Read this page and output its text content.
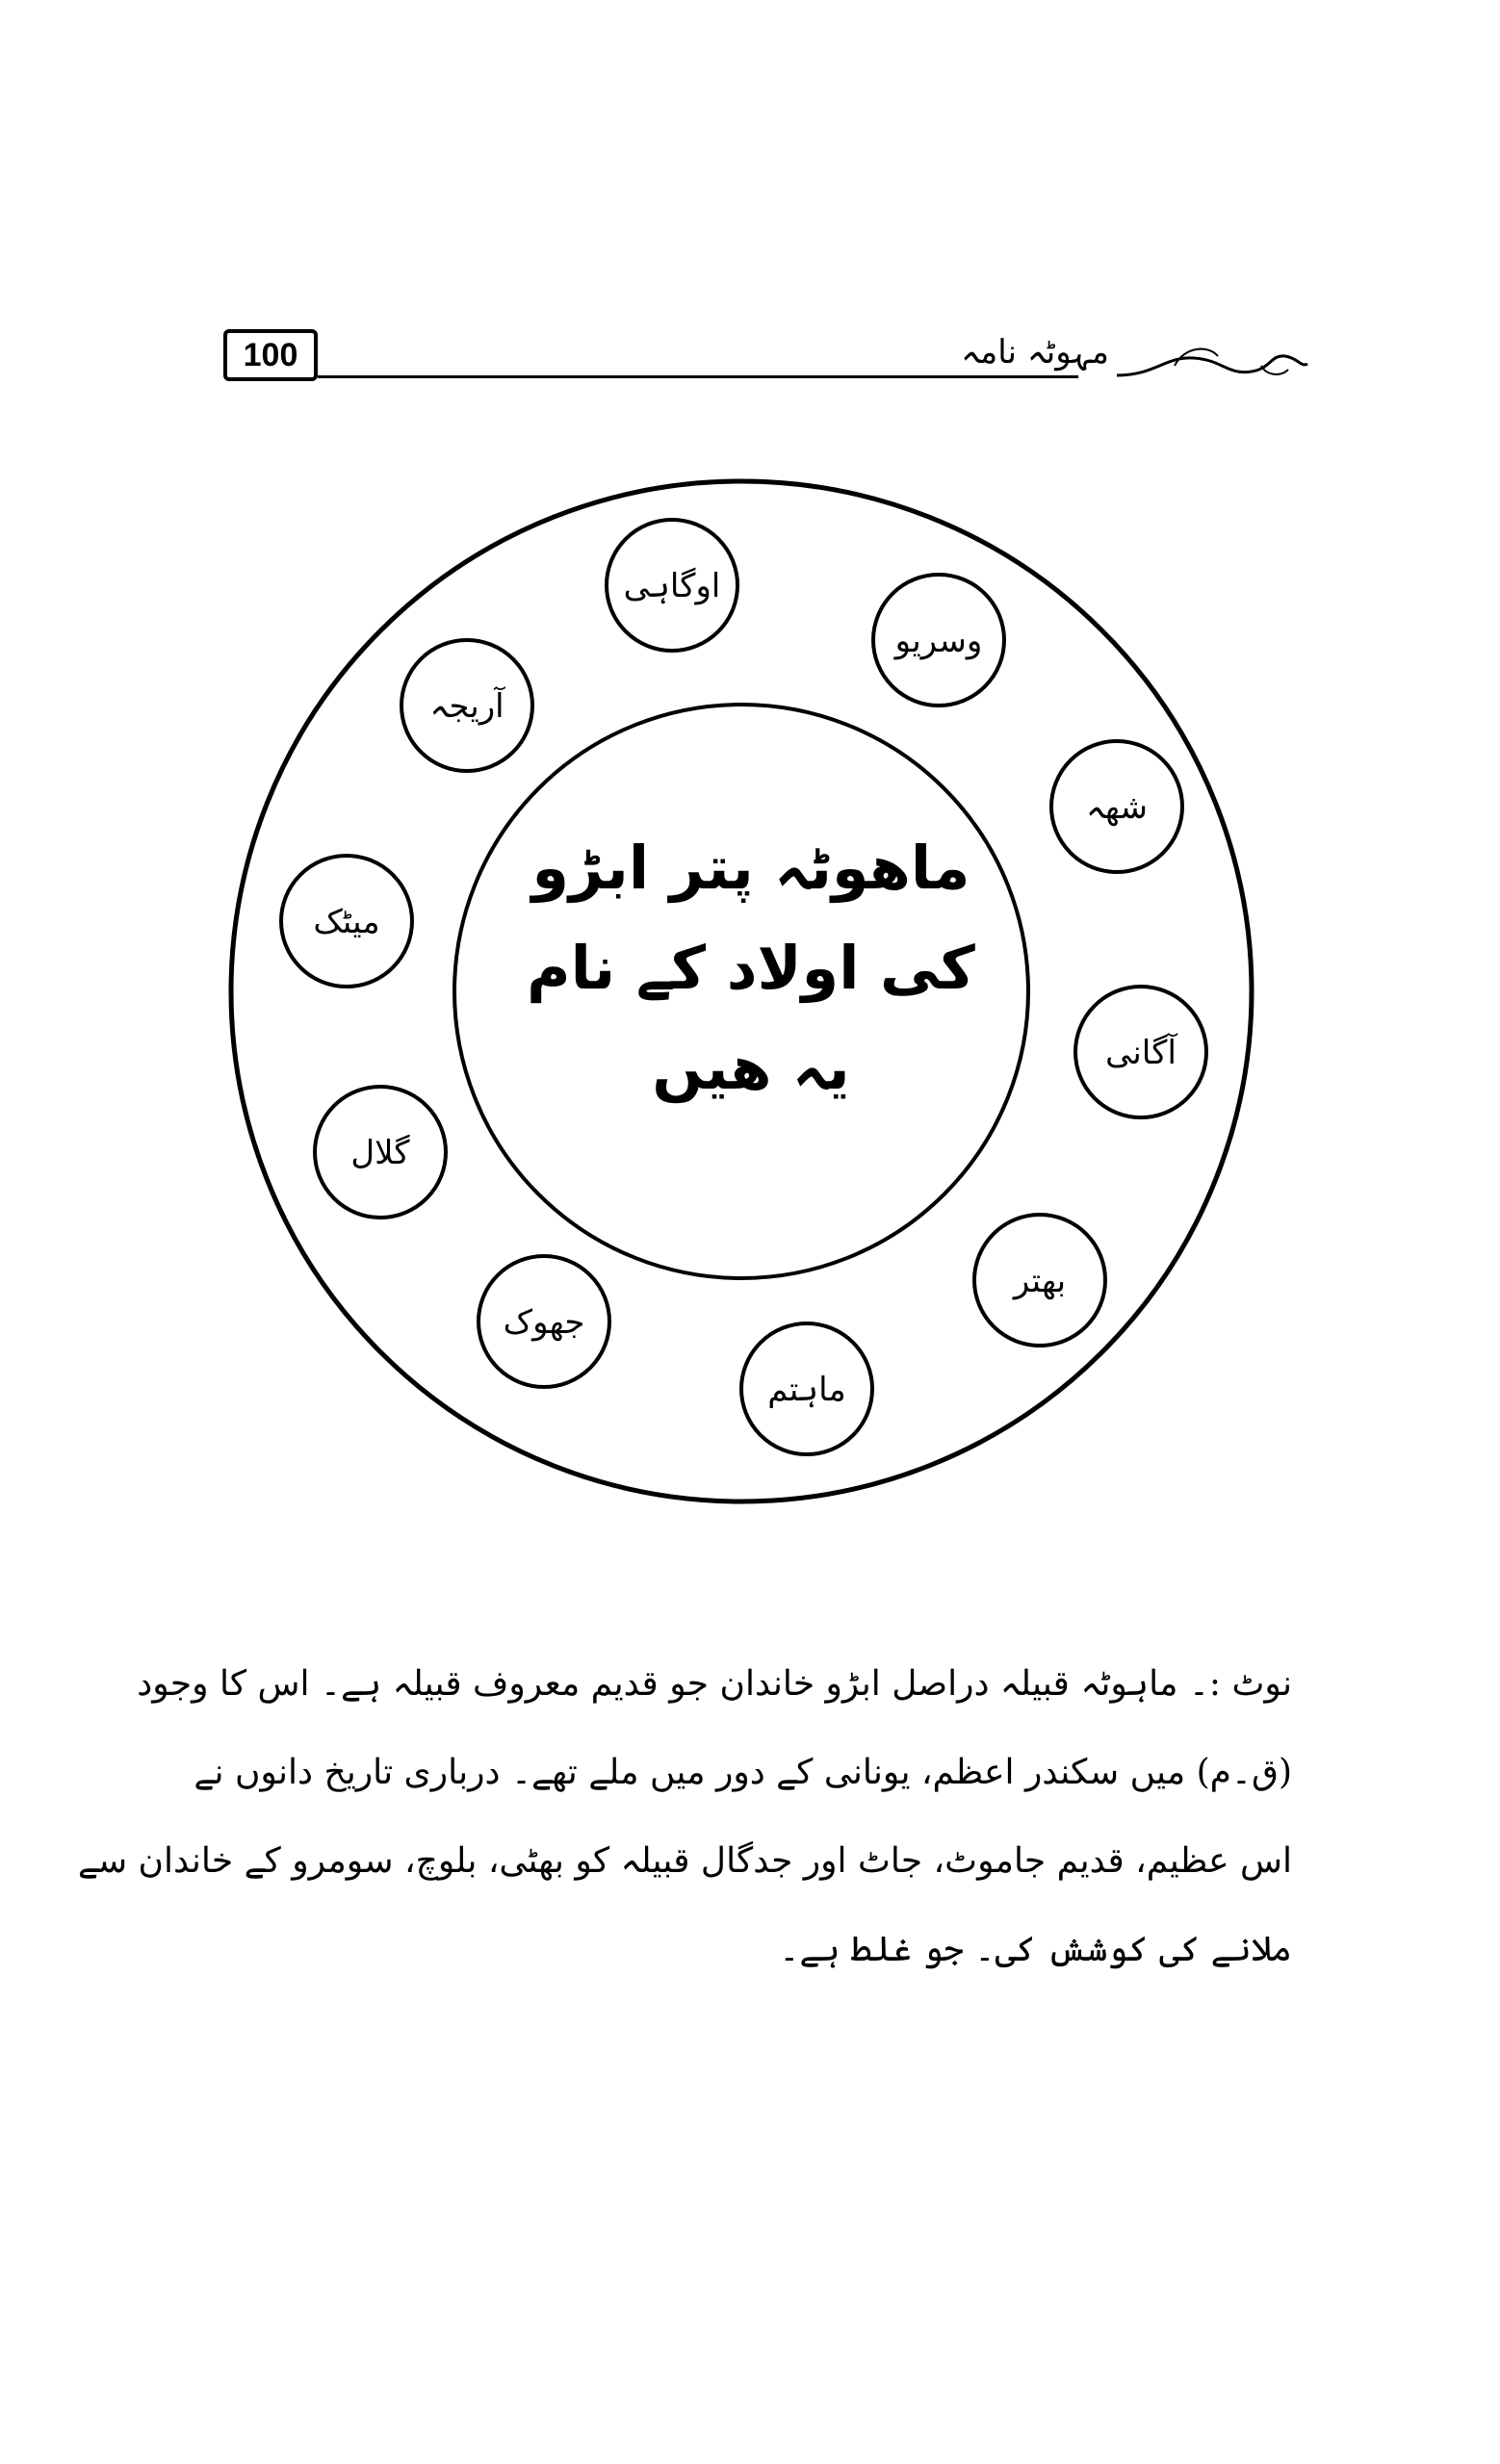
100	مہوٹہ نامہ
اوگاہی
وسریو
شھہ
آگانی
بھتر
ماہتم
جھوک
گلال
میٹک
آریجہ
ماھوٹہ پتر ابڑو
کی اولاد کے نام
یہ ھیں
نوٹ :۔ ماہوٹہ قبیلہ دراصل ابڑو خاندان جو قدیم معروف قبیلہ ہے۔ اس کا وجود
(ق۔م) میں سکندر اعظم، یونانی کے دور میں ملے تھے۔ درباری تاریخ دانوں نے
اس عظیم، قدیم جاموٹ، جاٹ اور جدگال قبیلہ کو بھٹی، بلوچ، سومرو کے خاندان سے
ملانے کی کوشش کی۔ جو غلط ہے۔
